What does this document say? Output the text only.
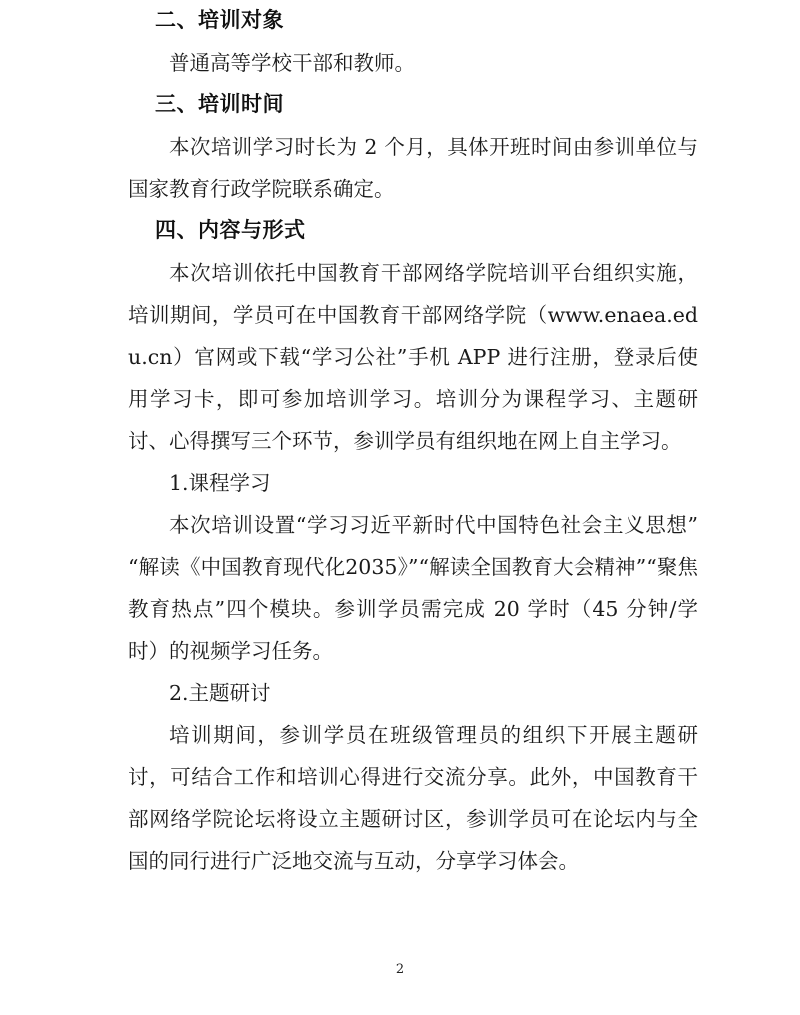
二、培训对象

普通高等学校干部和教师。

三、培训时间

本次培训学习时长为 2 个月，具体开班时间由参训单位与国家教育行政学院联系确定。

四、内容与形式

本次培训依托中国教育干部网络学院培训平台组织实施，培训期间，学员可在中国教育干部网络学院（www.enaea.edu.cn）官网或下载“学习公社”手机 APP 进行注册，登录后使用学习卡，即可参加培训学习。培训分为课程学习、主题研讨、心得撰写三个环节，参训学员有组织地在网上自主学习。

1.课程学习

本次培训设置“学习习近平新时代中国特色社会主义思想”“解读《中国教育现代化2035》”“解读全国教育大会精神”“聚焦教育热点”四个模块。参训学员需完成 20 学时（45 分钟/学时）的视频学习任务。

2.主题研讨

培训期间，参训学员在班级管理员的组织下开展主题研讨，可结合工作和培训心得进行交流分享。此外，中国教育干部网络学院论坛将设立主题研讨区，参训学员可在论坛内与全国的同行进行广泛地交流与互动，分享学习体会。

2
